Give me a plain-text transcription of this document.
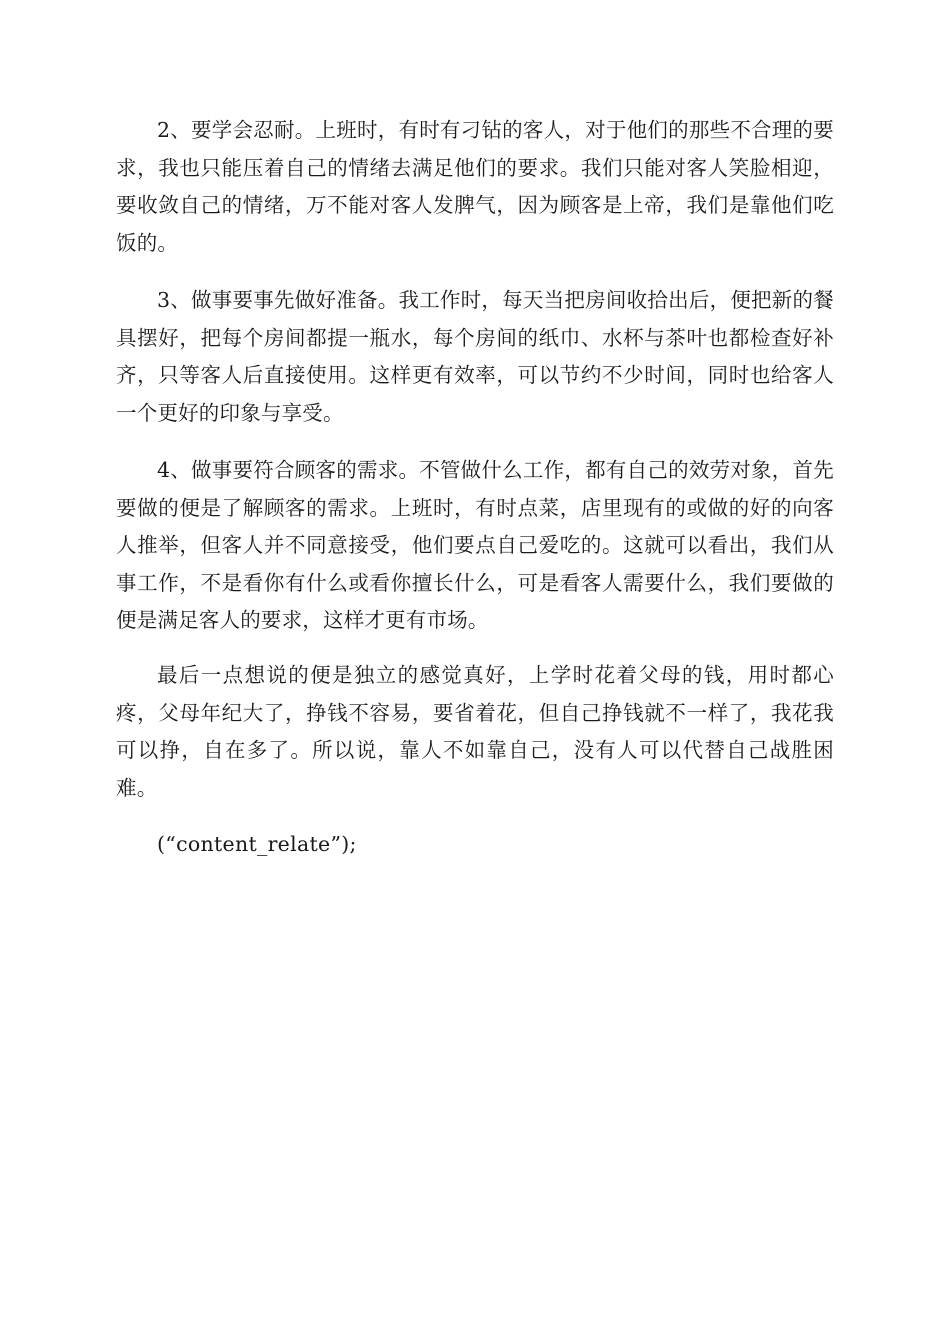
2、要学会忍耐。上班时，有时有刁钻的客人，对于他们的那些不合理的要求，我也只能压着自己的情绪去满足他们的要求。我们只能对客人笑脸相迎，要收敛自己的情绪，万不能对客人发脾气，因为顾客是上帝，我们是靠他们吃饭的。

3、做事要事先做好准备。我工作时，每天当把房间收拾出后，便把新的餐具摆好，把每个房间都提一瓶水，每个房间的纸巾、水杯与茶叶也都检查好补齐，只等客人后直接使用。这样更有效率，可以节约不少时间，同时也给客人一个更好的印象与享受。

4、做事要符合顾客的需求。不管做什么工作，都有自己的效劳对象，首先要做的便是了解顾客的需求。上班时，有时点菜，店里现有的或做的好的向客人推举，但客人并不同意接受，他们要点自己爱吃的。这就可以看出，我们从事工作，不是看你有什么或看你擅长什么，可是看客人需要什么，我们要做的便是满足客人的要求，这样才更有市场。

最后一点想说的便是独立的感觉真好，上学时花着父母的钱，用时都心疼，父母年纪大了，挣钱不容易，要省着花，但自己挣钱就不一样了，我花我可以挣，自在多了。所以说，靠人不如靠自己，没有人可以代替自己战胜困难。

(“content_relate”);
